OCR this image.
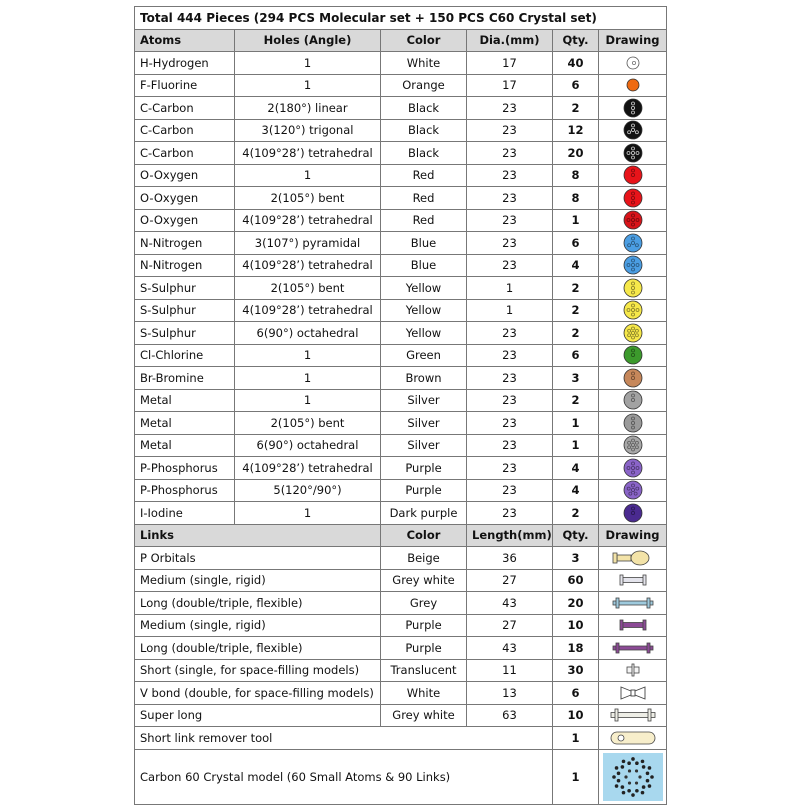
Total 444 Pieces (294 PCS Molecular set + 150 PCS C60 Crystal set)					
Atoms	Holes (Angle)	Color	Dia.(mm)	Qty.	Drawing
H-Hydrogen	1	White	17	40	

F-Fluorine	1	Orange	17	6	

C-Carbon	2(180°) linear	Black	23	2	

C-Carbon	3(120°) trigonal	Black	23	12	

C-Carbon	4(109°28’) tetrahedral	Black	23	20	

O-Oxygen	1	Red	23	8	

O-Oxygen	2(105°) bent	Red	23	8	

O-Oxygen	4(109°28’) tetrahedral	Red	23	1	

N-Nitrogen	3(107°) pyramidal	Blue	23	6	

N-Nitrogen	4(109°28’) tetrahedral	Blue	23	4	

S-Sulphur	2(105°) bent	Yellow	1	2	

S-Sulphur	4(109°28’) tetrahedral	Yellow	1	2	

S-Sulphur	6(90°) octahedral	Yellow	23	2	

Cl-Chlorine	1	Green	23	6	

Br-Bromine	1	Brown	23	3	

Metal	1	Silver	23	2	

Metal	2(105°) bent	Silver	23	1	

Metal	6(90°) octahedral	Silver	23	1	

P-Phosphorus	4(109°28’) tetrahedral	Purple	23	4	

P-Phosphorus	5(120°/90°)	Purple	23	4	

I-Iodine	1	Dark purple	23	2	

Links		Color	Length(mm)	Qty.	Drawing
P Orbitals		Beige	36	3	

Medium (single, rigid)		Grey white	27	60	

Long (double/triple, flexible)		Grey	43	20	

Medium (single, rigid)		Purple	27	10	

Long (double/triple, flexible)		Purple	43	18	

Short (single, for space-filling models)		Translucent	11	30	

V bond (double, for space-filling models)		White	13	6	

Super long		Grey white	63	10	

Short link remover tool				1	

Carbon 60 Crystal model (60 Small Atoms & 90 Links)				1	
